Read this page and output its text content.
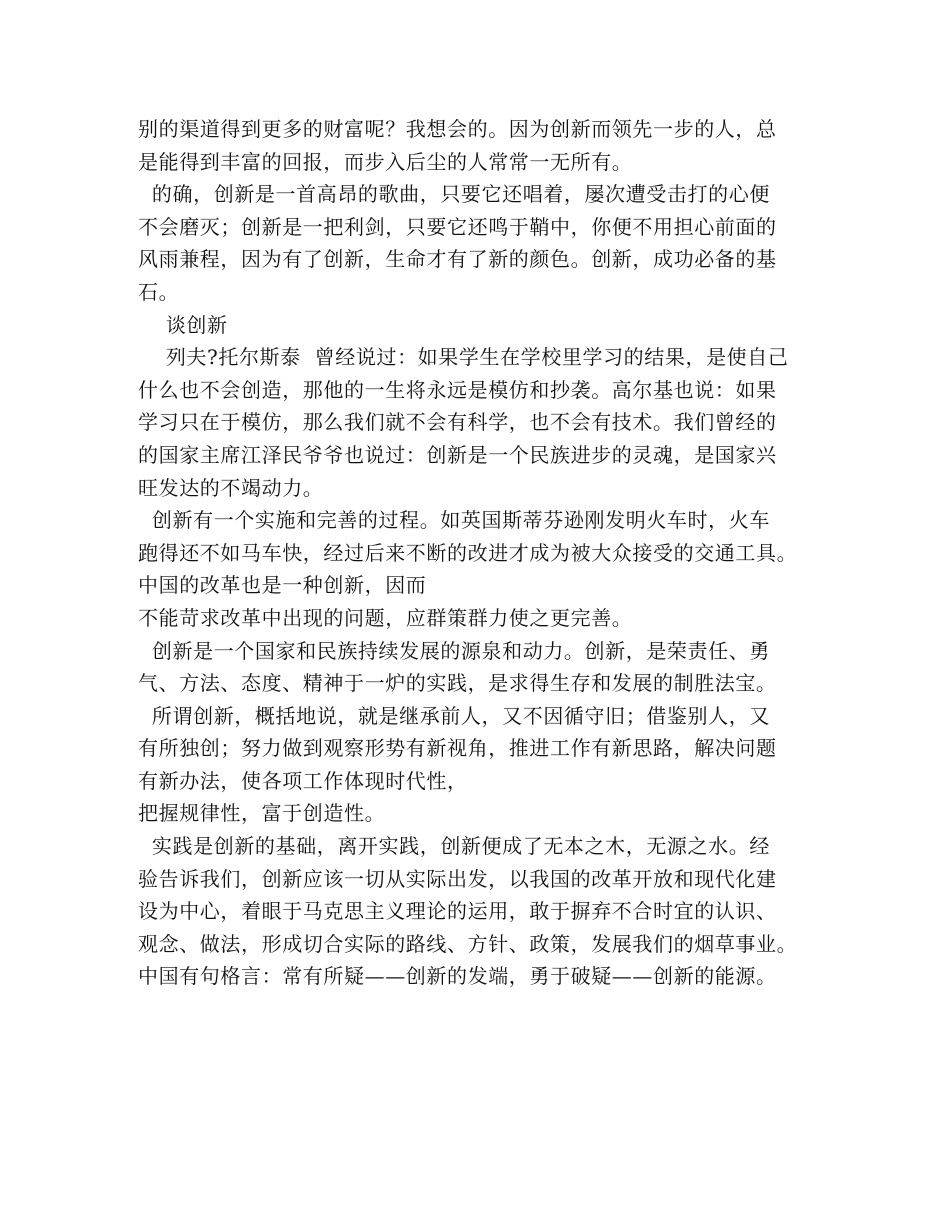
别的渠道得到更多的财富呢？我想会的。因为创新而领先一步的人，总
是能得到丰富的回报，而步入后尘的人常常一无所有。
的确，创新是一首高昂的歌曲，只要它还唱着，屡次遭受击打的心便
不会磨灭；创新是一把利剑，只要它还鸣于鞘中，你便不用担心前面的
风雨兼程，因为有了创新，生命才有了新的颜色。创新，成功必备的基
石。
谈创新
列夫?托尔斯泰  曾经说过：如果学生在学校里学习的结果，是使自己
什么也不会创造，那他的一生将永远是模仿和抄袭。高尔基也说：如果
学习只在于模仿，那么我们就不会有科学，也不会有技术。我们曾经的
的国家主席江泽民爷爷也说过：创新是一个民族进步的灵魂，是国家兴
旺发达的不竭动力。
创新有一个实施和完善的过程。如英国斯蒂芬逊刚发明火车时，火车
跑得还不如马车快，经过后来不断的改进才成为被大众接受的交通工具。
中国的改革也是一种创新，因而
不能苛求改革中出现的问题，应群策群力使之更完善。
创新是一个国家和民族持续发展的源泉和动力。创新，是荣责任、勇
气、方法、态度、精神于一炉的实践，是求得生存和发展的制胜法宝。
所谓创新，概括地说，就是继承前人，又不因循守旧；借鉴别人，又
有所独创；努力做到观察形势有新视角，推进工作有新思路，解决问题
有新办法，使各项工作体现时代性，
把握规律性，富于创造性。
实践是创新的基础，离开实践，创新便成了无本之木，无源之水。经
验告诉我们，创新应该一切从实际出发，以我国的改革开放和现代化建
设为中心，着眼于马克思主义理论的运用，敢于摒弃不合时宜的认识、
观念、做法，形成切合实际的路线、方针、政策，发展我们的烟草事业。
中国有句格言：常有所疑——创新的发端，勇于破疑——创新的能源。
